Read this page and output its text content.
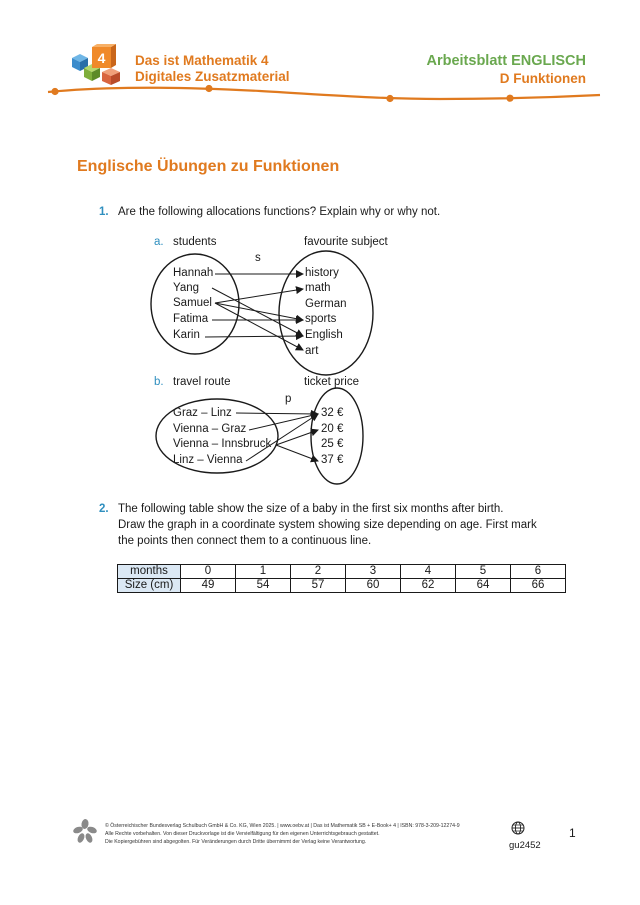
4 Das ist Mathematik 4
Digitales Zusatzmaterial
Arbeitsblatt ENGLISCH
D Funktionen
Englische Übungen zu Funktionen
1. Are the following allocations functions? Explain why or why not.
a. students	favourite subject
s
Hannah
Yang
Samuel
Fatima
Karin
history
math
German
sports
English
art
b. travel route	ticket price
p
Graz – Linz
Vienna – Graz
Vienna – Innsbruck
Linz – Vienna
32 €
20 €
25 €
37 €
2. The following table show the size of a baby in the first six months after birth.
Draw the graph in a coordinate system showing size depending on age. First mark
the points then connect them to a continuous line.
months	0	1	2	3	4	5	6
Size (cm)	49	54	57	60	62	64	66
© Österreichischer Bundesverlag Schulbuch GmbH & Co. KG, Wien 2025. | www.oebv.at | Das ist Mathematik SB + E-Book+ 4 | ISBN: 978-3-209-12274-9
Alle Rechte vorbehalten. Von dieser Druckvorlage ist die Vervielfältigung für den eigenen Unterrichtsgebrauch gestattet.
Die Kopiergebühren sind abgegolten. Für Veränderungen durch Dritte übernimmt der Verlag keine Verantwortung.	gu2452
1
